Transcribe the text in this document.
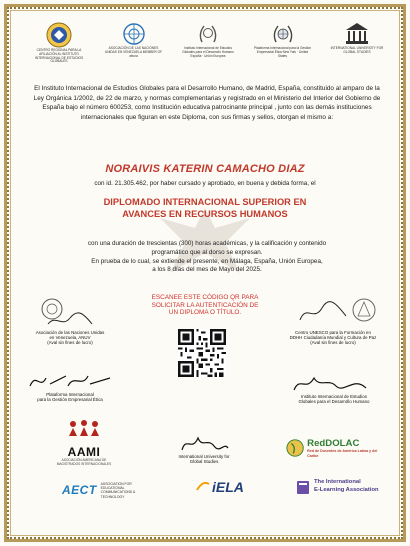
CENTRO REGIONAL PARA LA AFILIACIÓN AL INSTITUTO INTERNACIONAL DE ESTUDIOS GLOBALES
ASOCIACIÓN DE LAS NACIONES UNIDAS EN VENEZUELA MEMBER OF wfuna
Instituto Internacional de Estudios Globales para el Desarrollo Humano España · Unión Europea
Plataforma Internacional para la Gestión Empresarial Ética New York · United States
INTERNATIONAL UNIVERSITY FOR GLOBAL STUDIES
El Instituto Internacional de Estudios Globales para el Desarrollo Humano, de Madrid, España, constituido al amparo de la Ley Orgánica 1/2002, de 22 de marzo, y normas complementarias y registrado en el Ministerio del Interior del Gobierno de España bajo el número 600253, como Institución educativa patrocinante principal , junto con las demás instituciones internacionales que figuran en este Diploma, con sus firmas y sellos, otorgan el mismo a:
NORAIVIS KATERIN CAMACHO DIAZ
con id. 21.305.462, por haber cursado y aprobado, en buena y debida forma, el
DIPLOMADO INTERNACIONAL SUPERIOR EN
AVANCES EN RECURSOS HUMANOS
con una duración de trescientas (300) horas académicas, y la calificación y contenido
programático que al dorso se expresan.
En prueba de lo cual, se extiende el presente, en Málaga, España, Unión Europea,
a los 8 días del mes de Mayo del 2025.
ESCANEE ESTE CÓDIGO QR PARA SOLICITAR LA AUTENTICACIÓN DE UN DIPLOMA O TÍTULO.
Asociación de las Naciones Unidas
en Venezuela, ANUV
(Aval sin fines de lucro)
Plataforma Internacional
para la Gestión Empresarial Ética
Centro UNESCO para la Formación en
DDHH Ciudadanía Mundial y Cultura de Paz
(Aval sin fines de lucro)
Instituto Internacional de Estudios
Globales para el Desarrollo Humano
International University for
Global Studies
AAMI
ASOCIACIÓN AMERICANA DE MAGISTRADOS INTERNACIONALES
RedDOLAC
Red de Docentes de América Latina y del Caribe
AECT ASSOCIATION FOR EDUCATIONAL COMMUNICATIONS & TECHNOLOGY
iELA	The International
E-Learning Association
